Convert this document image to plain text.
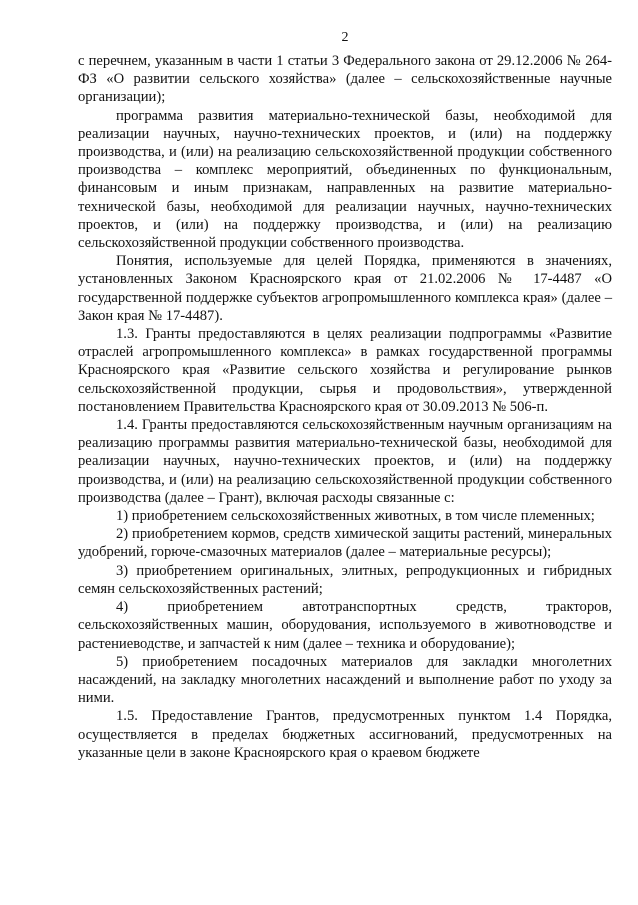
2

с перечнем, указанным в части 1 статьи 3 Федерального закона от 29.12.2006 № 264-ФЗ «О развитии сельского хозяйства» (далее – сельскохозяйственные научные организации);

программа развития материально-технической базы, необходимой для реализации научных, научно-технических проектов, и (или) на поддержку производства, и (или) на реализацию сельскохозяйственной продукции собственного производства – комплекс мероприятий, объединенных по функциональным, финансовым и иным признакам, направленных на развитие материально-технической базы, необходимой для реализации научных, научно-технических проектов, и (или) на поддержку производства, и (или) на реализацию сельскохозяйственной продукции собственного производства.

Понятия, используемые для целей Порядка, применяются в значениях, установленных Законом Красноярского края от 21.02.2006 № 17-4487 «О государственной поддержке субъектов агропромышленного комплекса края» (далее – Закон края № 17-4487).

1.3. Гранты предоставляются в целях реализации подпрограммы «Развитие отраслей агропромышленного комплекса» в рамках государственной программы Красноярского края «Развитие сельского хозяйства и регулирование рынков сельскохозяйственной продукции, сырья и продовольствия», утвержденной постановлением Правительства Красноярского края от 30.09.2013 № 506-п.

1.4. Гранты предоставляются сельскохозяйственным научным организациям на реализацию программы развития материально-технической базы, необходимой для реализации научных, научно-технических проектов, и (или) на поддержку производства, и (или) на реализацию сельскохозяйственной продукции собственного производства (далее – Грант), включая расходы связанные с:

1) приобретением сельскохозяйственных животных, в том числе племенных;

2) приобретением кормов, средств химической защиты растений, минеральных удобрений, горюче-смазочных материалов (далее – материальные ресурсы);

3) приобретением оригинальных, элитных, репродукционных и гибридных семян сельскохозяйственных растений;

4) приобретением автотранспортных средств, тракторов, сельскохозяйственных машин, оборудования, используемого в животноводстве и растениеводстве, и запчастей к ним (далее – техника и оборудование);

5) приобретением посадочных материалов для закладки многолетних насаждений, на закладку многолетних насаждений и выполнение работ по уходу за ними.

1.5. Предоставление Грантов, предусмотренных пунктом 1.4 Порядка, осуществляется в пределах бюджетных ассигнований, предусмотренных на указанные цели в законе Красноярского края о краевом бюджете
